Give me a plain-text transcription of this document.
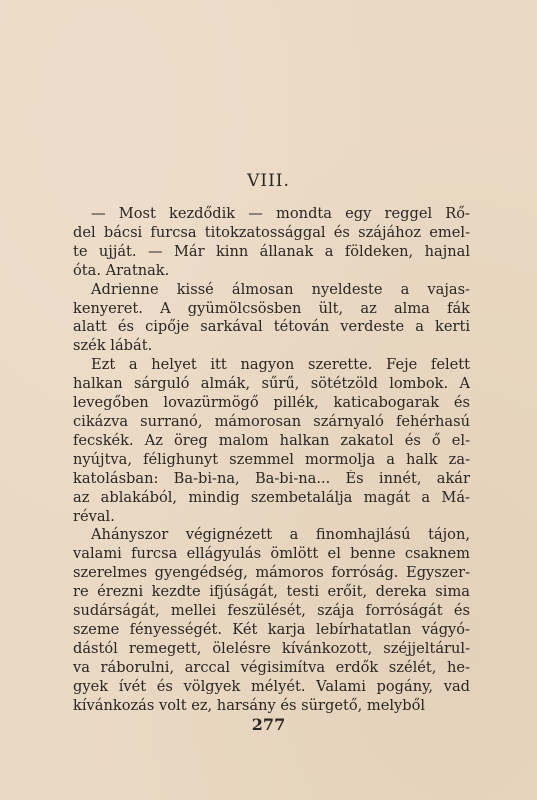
VIII.

— Most kezdődik — mondta egy reggel Rő-
del bácsi furcsa titokzatossággal és szájához emel-
te ujját. — Már kinn állanak a földeken, hajnal
óta. Aratnak.

Adrienne kissé álmosan nyeldeste a vajas-
kenyeret. A gyümölcsösben ült, az alma fák
alatt és cipője sarkával tétován verdeste a kerti
szék lábát.

Ezt a helyet itt nagyon szerette. Feje felett
halkan sárguló almák, sűrű, sötétzöld lombok. A
levegőben lovazürmögő pillék, katicabogarak és
cikázva surranó, mámorosan szárnyaló fehérhasú
fecskék. Az öreg malom halkan zakatol és ő el-
nyújtva, félighunyt szemmel mormolja a halk za-
katolásban: Ba-bi-na, Ba-bi-na... És innét, akár
az ablakából, mindig szembetalálja magát a Má-
réval.

Ahányszor végignézett a finomhajlású tájon,
valami furcsa ellágyulás ömlött el benne csaknem
szerelmes gyengédség, mámoros forróság. Egyszer-
re érezni kezdte ifjúságát, testi erőit, dereka sima
sudárságát, mellei feszülését, szája forróságát és
szeme fényességét. Két karja lebírhatatlan vágyó-
dástól remegett, ölelésre kívánkozott, széjjeltárul-
va ráborulni, arccal végisimítva erdők szélét, he-
gyek ívét és völgyek mélyét. Valami pogány, vad
kívánkozás volt ez, harsány és sürgető, melyből

277
